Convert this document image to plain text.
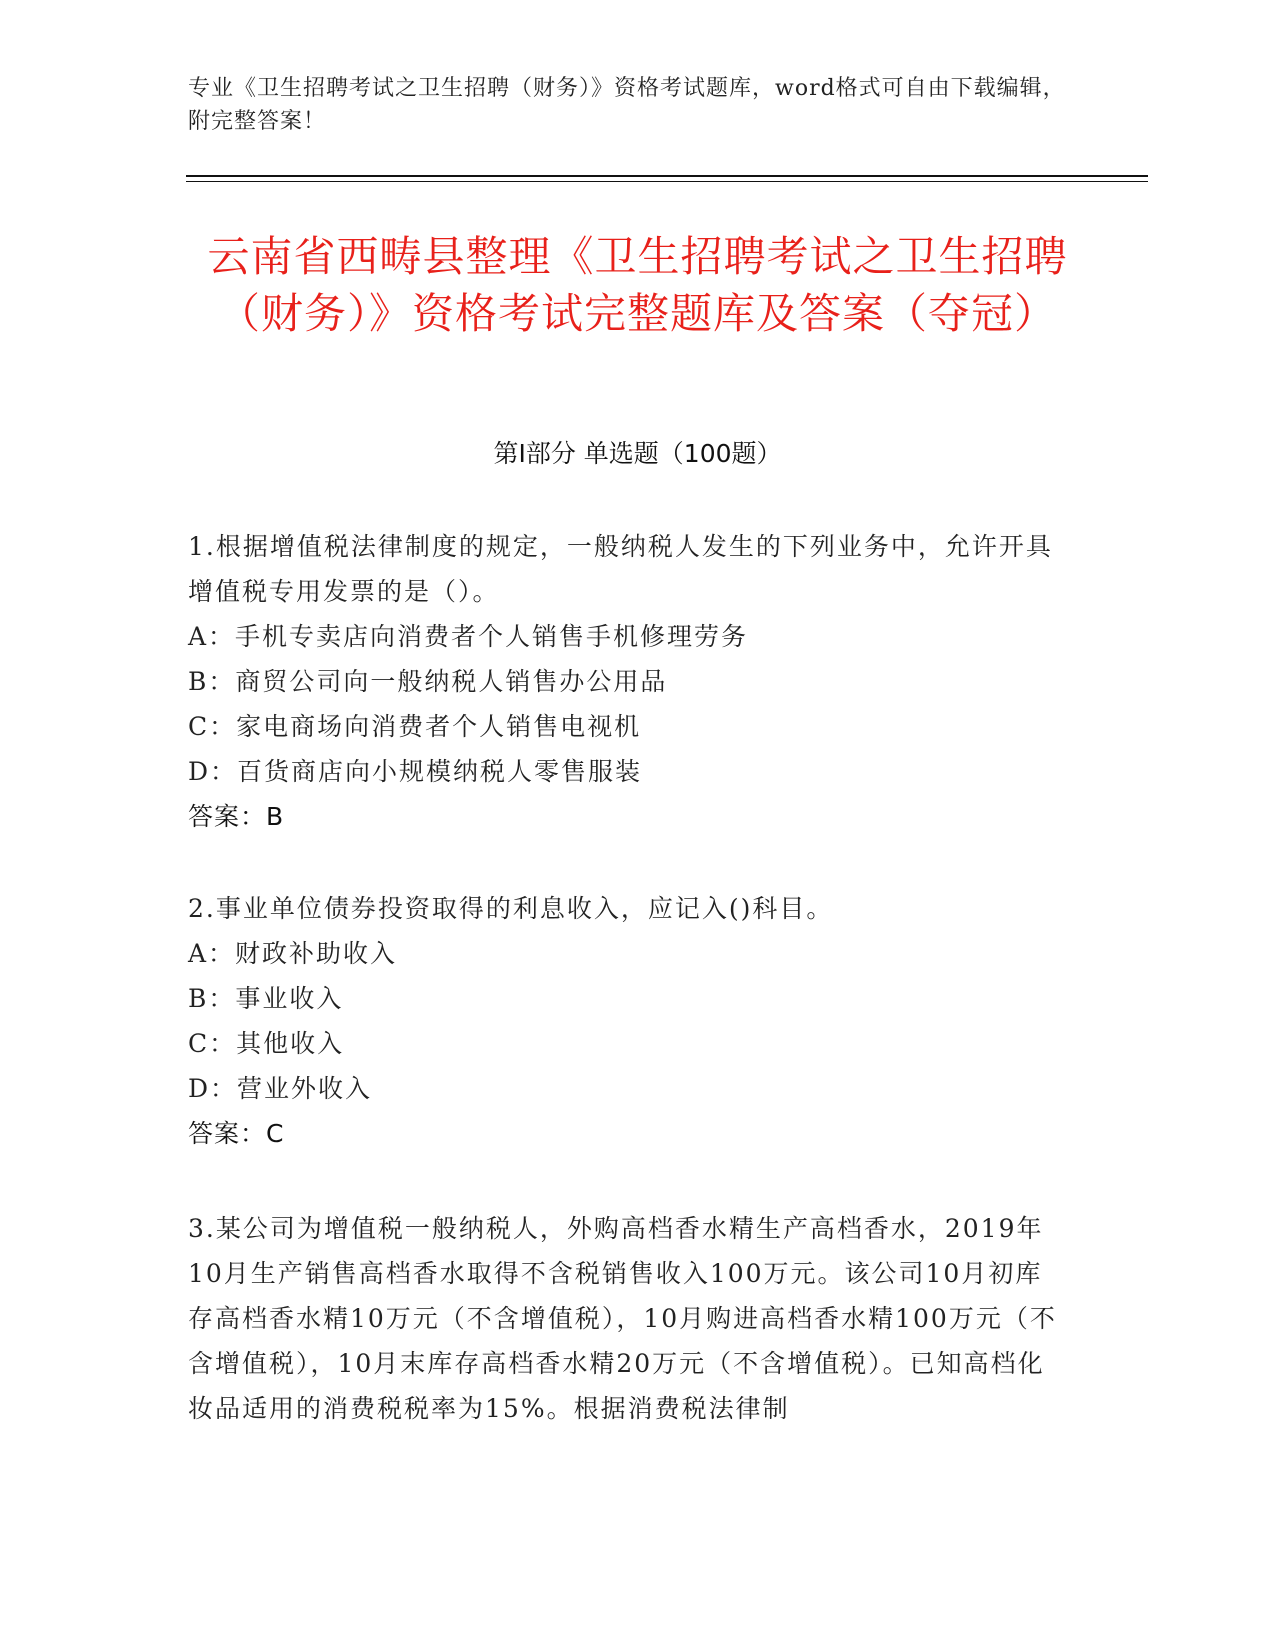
专业《卫生招聘考试之卫生招聘（财务）》资格考试题库，word格式可自由下载编辑，附完整答案！
云南省西畴县整理《卫生招聘考试之卫生招聘（财务）》资格考试完整题库及答案（夺冠）
第I部分 单选题（100题）
1.根据增值税法律制度的规定，一般纳税人发生的下列业务中，允许开具增值税专用发票的是（）。
A：手机专卖店向消费者个人销售手机修理劳务
B：商贸公司向一般纳税人销售办公用品
C：家电商场向消费者个人销售电视机
D：百货商店向小规模纳税人零售服装
答案：B
2.事业单位债券投资取得的利息收入，应记入()科目。
A：财政补助收入
B：事业收入
C：其他收入
D：营业外收入
答案：C
3.某公司为增值税一般纳税人，外购高档香水精生产高档香水，2019年10月生产销售高档香水取得不含税销售收入100万元。该公司10月初库存高档香水精10万元（不含增值税），10月购进高档香水精100万元（不含增值税），10月末库存高档香水精20万元（不含增值税）。已知高档化妆品适用的消费税税率为15%。根据消费税法律制
